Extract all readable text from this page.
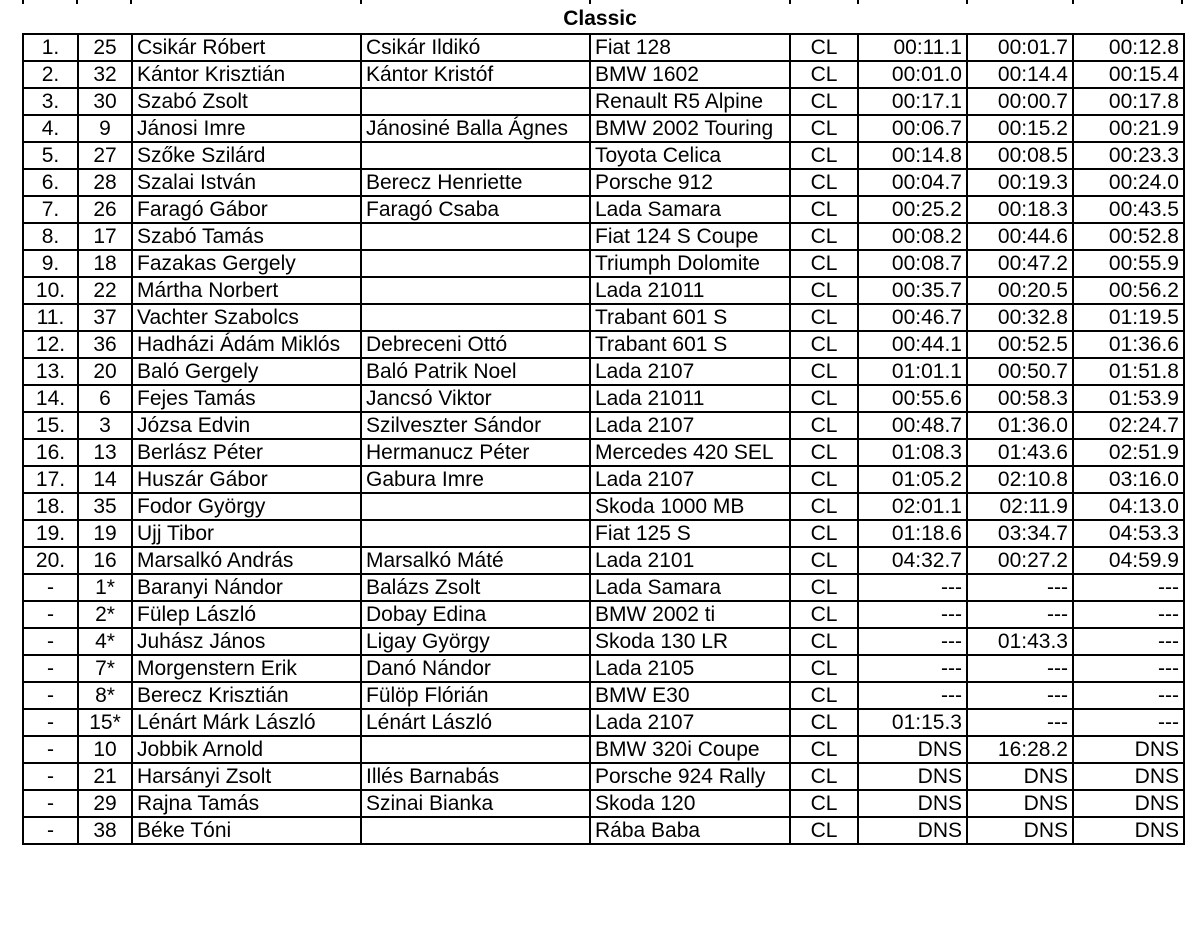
Classic
1.	25	Csikár Róbert	Csikár Ildikó	Fiat 128	CL	00:11.1	00:01.7	00:12.8
2.	32	Kántor Krisztián	Kántor Kristóf	BMW 1602	CL	00:01.0	00:14.4	00:15.4
3.	30	Szabó Zsolt		Renault R5 Alpine	CL	00:17.1	00:00.7	00:17.8
4.	9	Jánosi Imre	Jánosiné Balla Ágnes	BMW 2002 Touring	CL	00:06.7	00:15.2	00:21.9
5.	27	Szőke Szilárd		Toyota Celica	CL	00:14.8	00:08.5	00:23.3
6.	28	Szalai István	Berecz Henriette	Porsche 912	CL	00:04.7	00:19.3	00:24.0
7.	26	Faragó Gábor	Faragó Csaba	Lada Samara	CL	00:25.2	00:18.3	00:43.5
8.	17	Szabó Tamás		Fiat 124 S Coupe	CL	00:08.2	00:44.6	00:52.8
9.	18	Fazakas Gergely		Triumph Dolomite	CL	00:08.7	00:47.2	00:55.9
10.	22	Mártha Norbert		Lada 21011	CL	00:35.7	00:20.5	00:56.2
11.	37	Vachter Szabolcs		Trabant 601 S	CL	00:46.7	00:32.8	01:19.5
12.	36	Hadházi Ádám Miklós	Debreceni Ottó	Trabant 601 S	CL	00:44.1	00:52.5	01:36.6
13.	20	Baló Gergely	Baló Patrik Noel	Lada 2107	CL	01:01.1	00:50.7	01:51.8
14.	6	Fejes Tamás	Jancsó Viktor	Lada 21011	CL	00:55.6	00:58.3	01:53.9
15.	3	Józsa Edvin	Szilveszter Sándor	Lada 2107	CL	00:48.7	01:36.0	02:24.7
16.	13	Berlász Péter	Hermanucz Péter	Mercedes 420 SEL	CL	01:08.3	01:43.6	02:51.9
17.	14	Huszár Gábor	Gabura Imre	Lada 2107	CL	01:05.2	02:10.8	03:16.0
18.	35	Fodor György		Skoda 1000 MB	CL	02:01.1	02:11.9	04:13.0
19.	19	Ujj Tibor		Fiat 125 S	CL	01:18.6	03:34.7	04:53.3
20.	16	Marsalkó András	Marsalkó Máté	Lada 2101	CL	04:32.7	00:27.2	04:59.9
-	1*	Baranyi Nándor	Balázs Zsolt	Lada Samara	CL	---	---	---
-	2*	Fülep László	Dobay Edina	BMW 2002 ti	CL	---	---	---
-	4*	Juhász János	Ligay György	Skoda 130 LR	CL	---	01:43.3	---
-	7*	Morgenstern Erik	Danó Nándor	Lada 2105	CL	---	---	---
-	8*	Berecz Krisztián	Fülöp Flórián	BMW E30	CL	---	---	---
-	15*	Lénárt Márk László	Lénárt László	Lada 2107	CL	01:15.3	---	---
-	10	Jobbik Arnold		BMW 320i Coupe	CL	DNS	16:28.2	DNS
-	21	Harsányi Zsolt	Illés Barnabás	Porsche 924 Rally	CL	DNS	DNS	DNS
-	29	Rajna Tamás	Szinai Bianka	Skoda 120	CL	DNS	DNS	DNS
-	38	Béke Tóni		Rába Baba	CL	DNS	DNS	DNS
